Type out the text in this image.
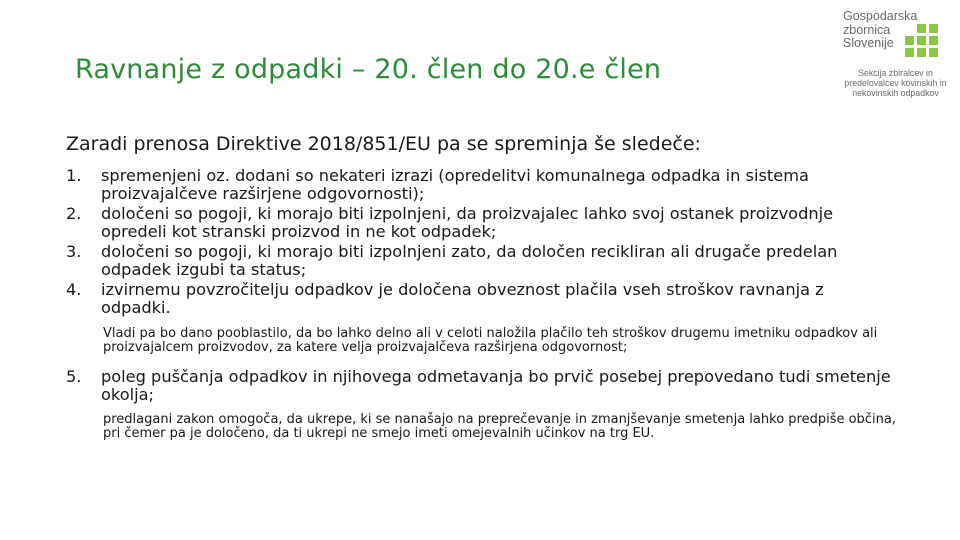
Ravnanje z odpadki – 20. člen do 20.e člen
Gospodarska
zbornica
Slovenije
Sekcija zbiralcev in predelovalcev kovinskih in nekovinskih odpadkov
Zaradi prenosa Direktive 2018/851/EU pa se spreminja še sledeče:
1. spremenjeni oz. dodani so nekateri izrazi (opredelitvi komunalnega odpadka in sistema proizvajalčeve razširjene odgovornosti);
2. določeni so pogoji, ki morajo biti izpolnjeni, da proizvajalec lahko svoj ostanek proizvodnje opredeli kot stranski proizvod in ne kot odpadek;
3. določeni so pogoji, ki morajo biti izpolnjeni zato, da določen recikliran ali drugače predelan odpadek izgubi ta status;
4. izvirnemu povzročitelju odpadkov je določena obveznost plačila vseh stroškov ravnanja z odpadki.
Vladi pa bo dano pooblastilo, da bo lahko delno ali v celoti naložila plačilo teh stroškov drugemu imetniku odpadkov ali proizvajalcem proizvodov, za katere velja proizvajalčeva razširjena odgovornost;
5. poleg puščanja odpadkov in njihovega odmetavanja bo prvič posebej prepovedano tudi smetenje okolja;
predlagani zakon omogoča, da ukrepe, ki se nanašajo na preprečevanje in zmanjševanje smetenja lahko predpiše občina, pri čemer pa je določeno, da ti ukrepi ne smejo imeti omejevalnih učinkov na trg EU.
